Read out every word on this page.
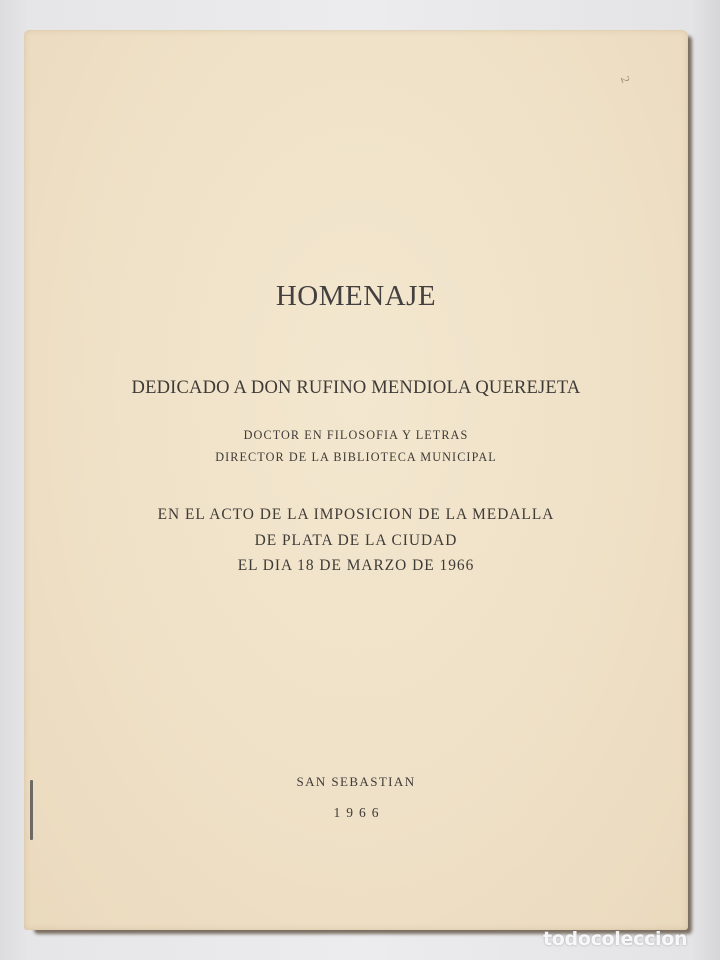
2
HOMENAJE
DEDICADO A DON RUFINO MENDIOLA QUEREJETA
DOCTOR EN FILOSOFIA Y LETRAS
DIRECTOR DE LA BIBLIOTECA MUNICIPAL
EN EL ACTO DE LA IMPOSICION DE LA MEDALLA
DE PLATA DE LA CIUDAD
EL DIA 18 DE MARZO DE 1966
SAN SEBASTIAN
1966
todocoleccion
